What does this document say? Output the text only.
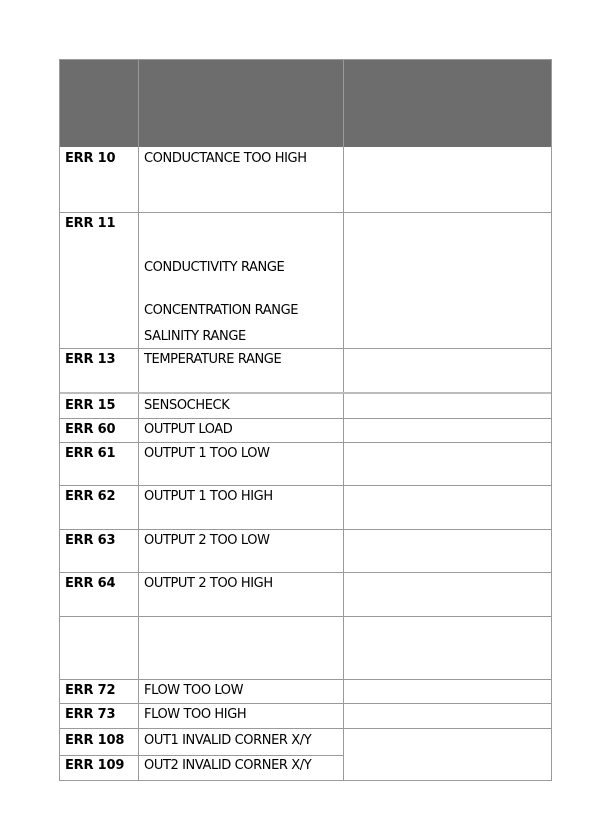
ERR 10 CONDUCTANCE TOO HIGH
ERR 11
CONDUCTIVITY RANGE
CONCENTRATION RANGE
SALINITY RANGE
ERR 13 TEMPERATURE RANGE
ERR 15 SENSOCHECK
ERR 60 OUTPUT LOAD
ERR 61 OUTPUT 1 TOO LOW
ERR 62 OUTPUT 1 TOO HIGH
ERR 63 OUTPUT 2 TOO LOW
ERR 64 OUTPUT 2 TOO HIGH
ERR 72 FLOW TOO LOW
ERR 73 FLOW TOO HIGH
ERR 108 OUT1 INVALID CORNER X/Y
ERR 109 OUT2 INVALID CORNER X/Y
